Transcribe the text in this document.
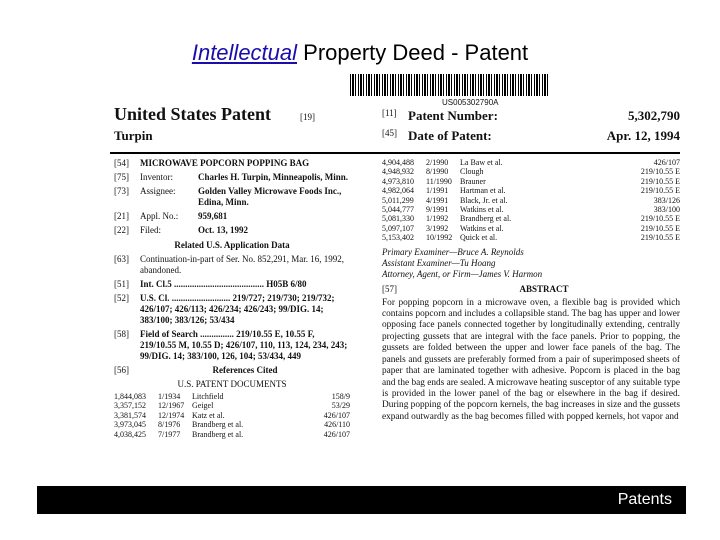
Intellectual Property Deed - Patent
US005302790A
United States Patent	[19]
Turpin
[11] Patent Number:	5,302,790
[45] Date of Patent:	Apr. 12, 1994
[54]	MICROWAVE POPCORN POPPING BAG
[75]	Inventor:	Charles H. Turpin, Minneapolis, Minn.
[73]	Assignee:	Golden Valley Microwave Foods Inc., Edina, Minn.
[21]	Appl. No.:	959,681
[22]	Filed:	Oct. 13, 1992
Related U.S. Application Data
[63]	Continuation-in-part of Ser. No. 852,291, Mar. 16, 1992, abandoned.
[51]	Int. Cl.5 ........................................ H05B 6/80
[52]	U.S. Cl. .......................... 219/727; 219/730; 219/732; 426/107; 426/113; 426/234; 426/243; 99/DIG. 14; 383/100; 383/126; 53/434
[58]	Field of Search ............... 219/10.55 E, 10.55 F, 219/10.55 M, 10.55 D; 426/107, 110, 113, 124, 234, 243; 99/DIG. 14; 383/100, 126, 104; 53/434, 449
[56]	References Cited
U.S. PATENT DOCUMENTS
1,844,083	1/1934	Litchfield	158/9
3,357,152	12/1967 Geigel	53/29
3,381,574	12/1974 Katz et al.	426/107
3,973,045	8/1976	Brandberg et al.	426/110
4,038,425	7/1977	Brandberg et al.	426/107
4,904,488	2/1990	La Baw et al.	426/107
4,948,932	8/1990	Clough	219/10.55 E
4,973,810	11/1990	Brauner	219/10.55 E
4,982,064	1/1991	Hartman et al.	219/10.55 E
5,011,299	4/1991	Black, Jr. et al.	383/126
5,044,777	9/1991	Watkins et al.	383/100
5,081,330	1/1992	Brandberg et al.	219/10.55 E
5,097,107	3/1992	Watkins et al.	219/10.55 E
5,153,402	10/1992 Quick et al.	219/10.55 E
Primary Examiner—Bruce A. Reynolds
Assistant Examiner—Tu Hoang
Attorney, Agent, or Firm—James V. Harmon
[57]	ABSTRACT
For popping popcorn in a microwave oven, a flexible bag is provided which contains popcorn and includes a collapsible stand. The bag has upper and lower opposing face panels connected together by longitudinally extending, centrally projecting gussets that are integral with the face panels. Prior to popping, the gussets are folded between the upper and lower face panels of the bag. The panels and gussets are preferably formed from a pair of superimposed sheets of paper that are laminated together with adhesive. Popcorn is placed in the bag and the bag ends are sealed. A microwave heating susceptor of any suitable type is provided in the lower panel of the bag or elsewhere in the bag if desired. During popping of the popcorn kernels, the bag increases in size and the gussets expand outwardly as the bag becomes filled with popped kernels, hot vapor and
Patents
